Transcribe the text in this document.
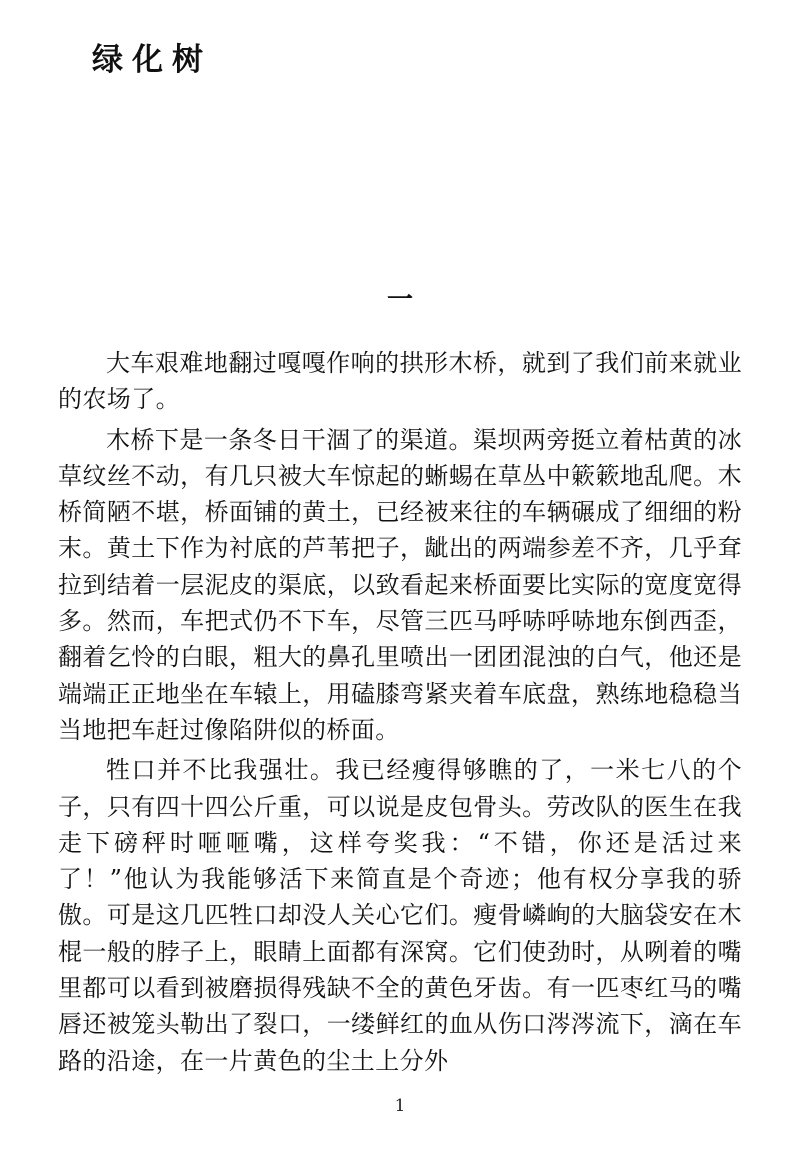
绿化树
一

大车艰难地翻过嘎嘎作响的拱形木桥，就到了我们前来就业的农场了。

木桥下是一条冬日干涸了的渠道。渠坝两旁挺立着枯黄的冰草纹丝不动，有几只被大车惊起的蜥蜴在草丛中簌簌地乱爬。木桥简陋不堪，桥面铺的黄土，已经被来往的车辆碾成了细细的粉末。黄土下作为衬底的芦苇把子，龇出的两端参差不齐，几乎耷拉到结着一层泥皮的渠底，以致看起来桥面要比实际的宽度宽得多。然而，车把式仍不下车，尽管三匹马呼哧呼哧地东倒西歪，翻着乞怜的白眼，粗大的鼻孔里喷出一团团混浊的白气，他还是端端正正地坐在车辕上，用磕膝弯紧夹着车底盘，熟练地稳稳当当地把车赶过像陷阱似的桥面。

牲口并不比我强壮。我已经瘦得够瞧的了，一米七八的个子，只有四十四公斤重，可以说是皮包骨头。劳改队的医生在我走下磅秤时咂咂嘴，这样夸奖我：“不错，你还是活过来了！”他认为我能够活下来简直是个奇迹；他有权分享我的骄傲。可是这几匹牲口却没人关心它们。瘦骨嶙峋的大脑袋安在木棍一般的脖子上，眼睛上面都有深窝。它们使劲时，从咧着的嘴里都可以看到被磨损得残缺不全的黄色牙齿。有一匹枣红马的嘴唇还被笼头勒出了裂口，一缕鲜红的血从伤口涔涔流下，滴在车路的沿途，在一片黄色的尘土上分外

1
